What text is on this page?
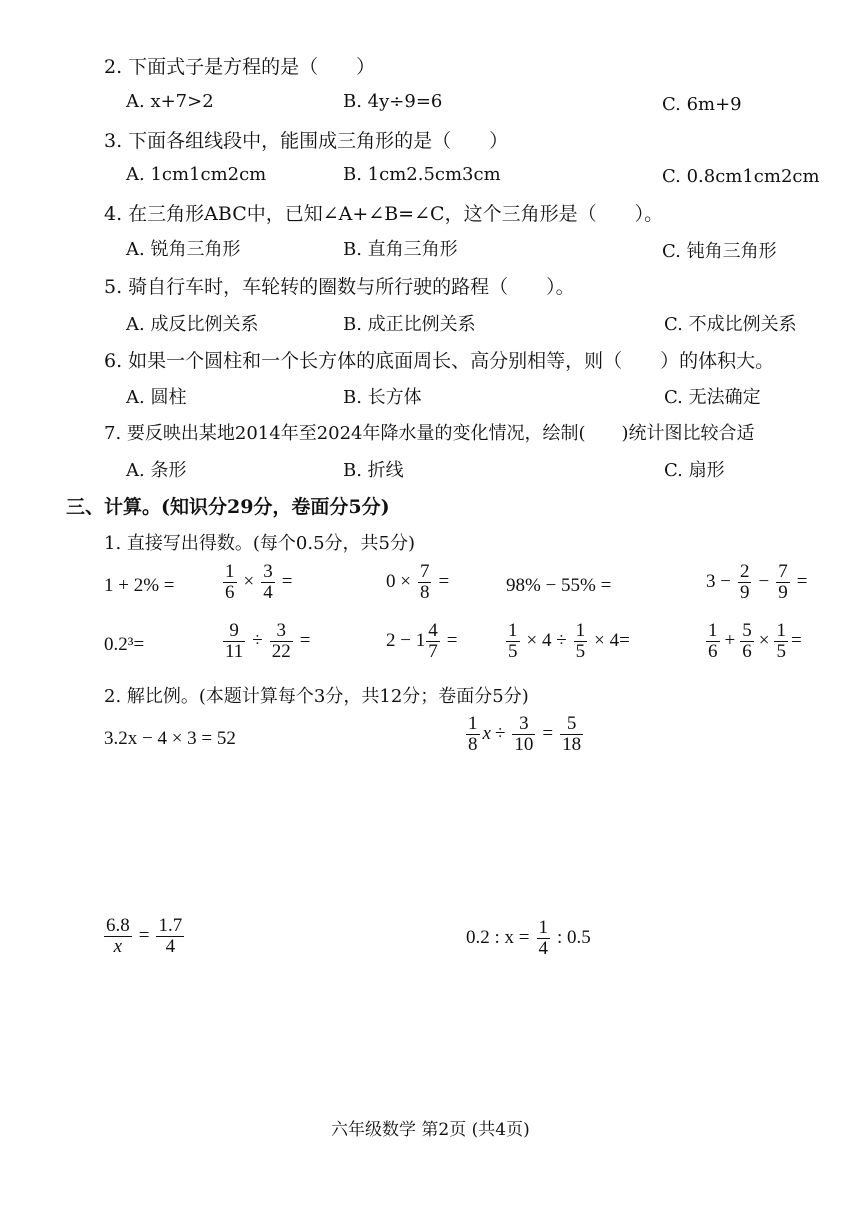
2. 下面式子是方程的是（　　）
A. x+7>2	B. 4y÷9=6	C. 6m+9
3. 下面各组线段中，能围成三角形的是（　　）
A. 1cm1cm2cm	B. 1cm2.5cm3cm	C. 0.8cm1cm2cm
4. 在三角形ABC中，已知∠A+∠B=∠C，这个三角形是（　　）。
A. 锐角三角形	B. 直角三角形	C. 钝角三角形
5. 骑自行车时，车轮转的圈数与所行驶的路程（　　）。
A. 成反比例关系	B. 成正比例关系	C. 不成比例关系
6. 如果一个圆柱和一个长方体的底面周长、高分别相等，则（　　）的体积大。
A. 圆柱	B. 长方体	C. 无法确定
7. 要反映出某地2014年至2024年降水量的变化情况，绘制(　　)统计图比较合适
A. 条形	B. 折线	C. 扇形
三、计算。(知识分29分，卷面分5分)
1. 直接写出得数。(每个0.5分，共5分)
1 + 2% =	$\frac{1}{6} \times \frac{3}{4}$ =	$0 \times \frac{7}{8}$ =	98% − 55% =	$3 - \frac{2}{9} - \frac{7}{9}$ =
0.2³=	$\frac{9}{11} \div \frac{3}{22}$ =	$2 - 1 \frac{4}{7}$ =	$\frac{1}{5} \times 4 \div \frac{1}{5} \times 4=$	$\frac{1}{6} + \frac{5}{6} \times \frac{1}{5}$ =
2. 解比例。(本题计算每个3分，共12分；卷面分5分)
3.2x − 4 × 3 = 52	$\frac{1}{8}$ $x \div \frac{3}{10} = \frac{5}{18}$
$\frac{6.8}{x} = \frac{1.7}{4}$	0.2 : $x = \frac{1}{4}$ : 0.5
六年级数学 第2页 (共4页)
